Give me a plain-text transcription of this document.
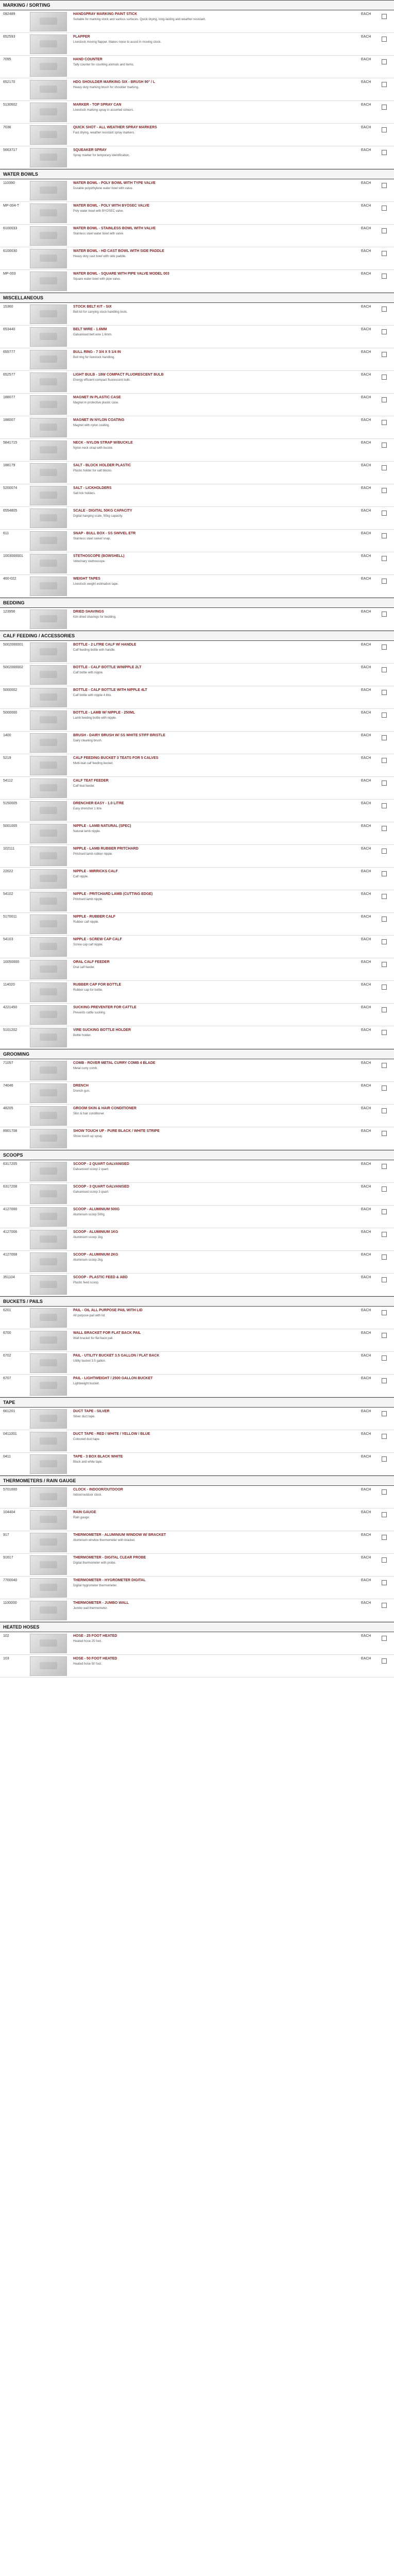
MARKING / SORTING
092489	HANDSPRAY MARKING PAINT STICK
Suitable for marking stock and various surfaces. Quick drying, long-lasting and weather resistant.
EACH
652593	FLAPPER
Livestock moving flapper. Makes noise to assist in moving stock.
EACH
7095	HAND COUNTER
Tally counter for counting animals and items.
EACH
652170	HDG SHOULDER MARKING SIX - BRUSH 90° / L
Heavy duty marking brush for shoulder marking.
EACH
5130602	MARKER - TOP SPRAY CAN
Livestock marking spray in assorted colours.
EACH
7036	QUICK SHOT - ALL WEATHER SPRAY MARKERS
Fast drying, weather resistant spray markers.
EACH
5663717	SQUEAKER SPRAY
Spray marker for temporary identification.
EACH
WATER BOWLS
110390	WATER BOWL - POLY BOWL WITH TYPE VALVE
Durable polyethylene water bowl with valve.
EACH
MP-004-T	WATER BOWL - POLY WITH BYOSEC VALVE
Poly water bowl with BYOSEC valve.
EACH
6100033	WATER BOWL - STAINLESS BOWL WITH VALVE
Stainless steel water bowl with valve.
EACH
6100030	WATER BOWL - HD CAST BOWL WITH SIDE PADDLE
Heavy duty cast bowl with side paddle.
EACH
MP-003	WATER BOWL - SQUARE WITH PIPE VALVE MODEL 003
Square water bowl with pipe valve.
EACH
MISCELLANEOUS
15360	STOCK BELT KIT - SIX
Belt kit for carrying stock handling tools.
EACH
653440	BELT WIRE - 1.6MM
Galvanised belt wire 1.6mm.
EACH
655777	BULL RING - 7 3/4 X 5 1/4 IN
Bull ring for livestock handling.
EACH
652577	LIGHT BULB - 18W COMPACT FLUORESCENT BULB
Energy efficient compact fluorescent bulb.
EACH
188077	MAGNET IN PLASTIC CASE
Magnet in protective plastic case.
EACH
188007	MAGNET IN NYLON COATING
Magnet with nylon coating.
EACH
5841715	NECK - NYLON STRAP W/BUCKLE
Nylon neck strap with buckle.
EACH
188179	SALT - BLOCK HOLDER PLASTIC
Plastic holder for salt blocks.
EACH
5200074	SALT - LICKHOLDERS
Salt lick holders.
EACH
6554805	SCALE - DIGITAL 50KG CAPACITY
Digital hanging scale, 50kg capacity.
EACH
611	SNAP - BULL BOX - SS SWIVEL ETR
Stainless steel swivel snap.
EACH
1003000001	STETHOSCOPE (BOWSHELL)
Veterinary stethoscope.
EACH
460-022	WEIGHT TAPES
Livestock weight estimation tape.
EACH
BEDDING
123956	DRIED SHAVINGS
Kiln dried shavings for bedding.
EACH
CALF FEEDING / ACCESSORIES
5002000001	BOTTLE - 2 LITRE CALF W/ HANDLE
Calf feeding bottle with handle.
EACH
5002000002	BOTTLE - CALF BOTTLE W/NIPPLE 2LT
Calf bottle with nipple.
EACH
5000002	BOTTLE - CALF BOTTLE WITH NIPPLE 4LT
Calf bottle with nipple 4 litre.
EACH
5000000	BOTTLE - LAMB W/ NIPPLE - 250ML
Lamb feeding bottle with nipple.
EACH
1400	BRUSH - DAIRY BRUSH W/ SS WHITE STIFF BRISTLE
Dairy cleaning brush.
EACH
5219	CALF FEEDING BUCKET 3 TEATS FOR 5 CALVES
Multi-teat calf feeding bucket.
EACH
54112	CALF TEAT FEEDER
Calf teat feeder.
EACH
5150005	DRENCHER EASY - 1.0 LITRE
Easy drencher 1 litre.
EACH
5001005	NIPPLE - LAMB NATURAL (SPEC)
Natural lamb nipple.
EACH
102111	NIPPLE - LAMB RUBBER PRITCHARD
Pritchard lamb rubber nipple.
EACH
22022	NIPPLE - MIRRICKS CALF
Calf nipple.
EACH
54102	NIPPLE - PRITCHARD LAMB (CUTTING EDGE)
Pritchard lamb nipple.
EACH
5170011	NIPPLE - RUBBER CALF
Rubber calf nipple.
EACH
54103	NIPPLE - SCREW CAP CALF
Screw cap calf nipple.
EACH
10050000	ORAL CALF FEEDER
Oral calf feeder.
EACH
114020	RUBBER CAP FOR BOTTLE
Rubber cap for bottle.
EACH
4221450	SUCKING PREVENTER FOR CATTLE
Prevents cattle sucking.
EACH
5101202	VIRE SUCKING BOTTLE HOLDER
Bottle holder.
EACH
GROOMING
71057	COMB - ROVER METAL CURRY COMB 4 BLADE
Metal curry comb.
EACH
74046	DRENCH
Drench gun.
EACH
48205	GROOM SKIN & HAIR CONDITIONER
Skin & hair conditioner.
EACH
8901708	SHOW TOUCH UP - PURE BLACK / WHITE STRIPE
Show touch up spray.
EACH
SCOOPS
6317205	SCOOP - 2 QUART GALVANISED
Galvanised scoop 2 quart.
EACH
6317208	SCOOP - 3 QUART GALVANISED
Galvanised scoop 3 quart.
EACH
4127000	SCOOP - ALUMINIUM 500G
Aluminium scoop 500g.
EACH
4127006	SCOOP - ALUMINIUM 1KG
Aluminium scoop 1kg.
EACH
4127008	SCOOP - ALUMINIUM 2KG
Aluminium scoop 2kg.
EACH
351104	SCOOP - PLASTIC FEED & ABD
Plastic feed scoop.
EACH
BUCKETS / PAILS
6201	PAIL - OIL ALL PURPOSE PAIL WITH LID
All purpose pail with lid.
EACH
6700	WALL BRACKET FOR FLAT BACK PAIL
Wall bracket for flat back pail.
EACH
6702	PAIL - UTILITY BUCKET 3.5 GALLON / FLAT BACK
Utility bucket 3.5 gallon.
EACH
6707	PAIL - LIGHTWEIGHT / 2500 GALLON BUCKET
Lightweight bucket.
EACH
TAPE
661201	DUCT TAPE - SILVER
Silver duct tape.
EACH
0411001	DUCT TAPE - RED / WHITE / YELLOW / BLUE
Coloured duct tape.
EACH
0411	TAPE - 3 BOX BLACK WHITE
Black and white tape.
EACH
THERMOMETERS / RAIN GAUGE
5701600	CLOCK - INDOOR/OUTDOOR
Indoor/outdoor clock.
EACH
104404	RAIN GAUGE
Rain gauge.
EACH
917	THERMOMETER - ALUMINIUM WINDOW W/ BRACKET
Aluminium window thermometer with bracket.
EACH
91617	THERMOMETER - DIGITAL CLEAR PROBE
Digital thermometer with probe.
EACH
7700040	THERMOMETER - HYGROMETER DIGITAL
Digital hygrometer thermometer.
EACH
1100000	THERMOMETER - JUMBO WALL
Jumbo wall thermometer.
EACH
HEATED HOSES
102	HOSE - 25 FOOT HEATED
Heated hose 25 foot.
EACH
103	HOSE - 50 FOOT HEATED
Heated hose 50 foot.
EACH
